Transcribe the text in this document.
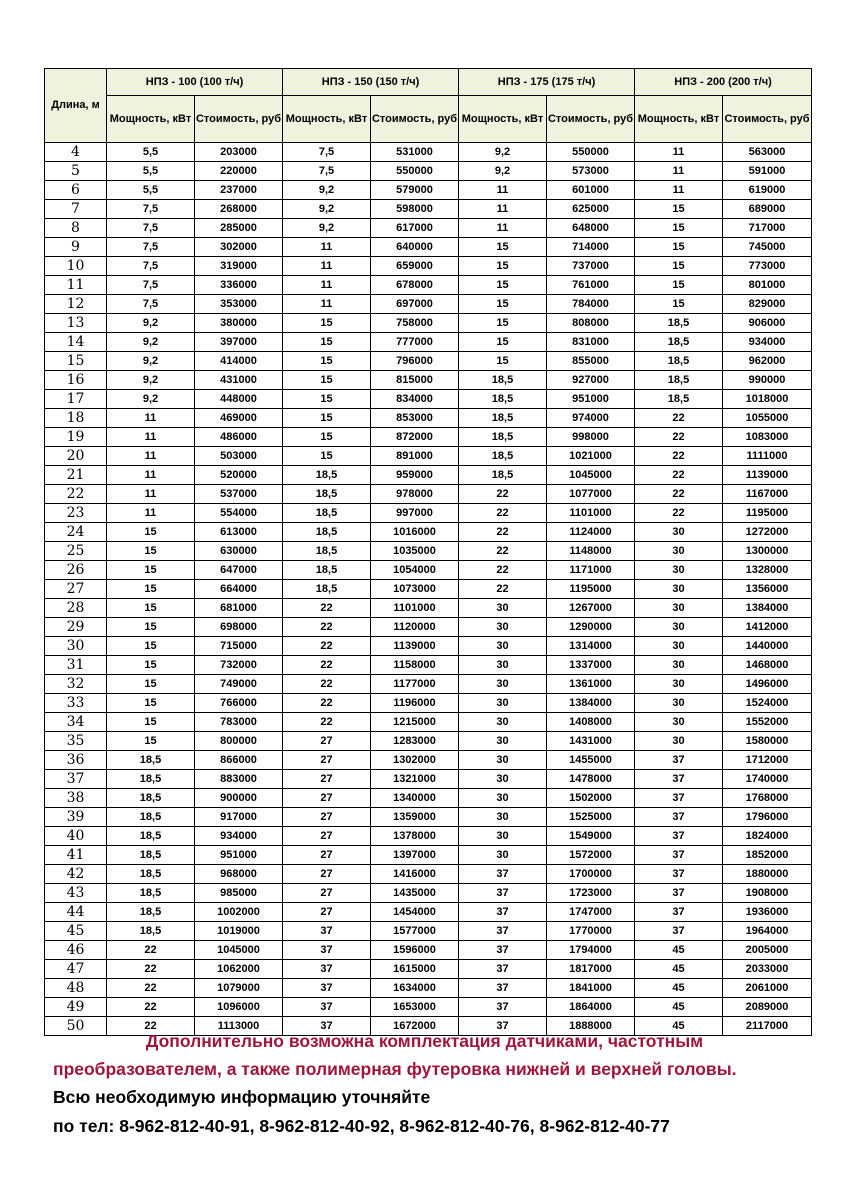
Длина, м	НПЗ - 100 (100 т/ч)		НПЗ - 150 (150 т/ч)		НПЗ - 175 (175 т/ч)		НПЗ - 200 (200 т/ч)	
	Мощность, кВт	Стоимость, руб	Мощность, кВт	Стоимость, руб	Мощность, кВт	Стоимость, руб	Мощность, кВт	Стоимость, руб
4	5,5	203000	7,5	531000	9,2	550000	11	563000
5	5,5	220000	7,5	550000	9,2	573000	11	591000
6	5,5	237000	9,2	579000	11	601000	11	619000
7	7,5	268000	9,2	598000	11	625000	15	689000
8	7,5	285000	9,2	617000	11	648000	15	717000
9	7,5	302000	11	640000	15	714000	15	745000
10	7,5	319000	11	659000	15	737000	15	773000
11	7,5	336000	11	678000	15	761000	15	801000
12	7,5	353000	11	697000	15	784000	15	829000
13	9,2	380000	15	758000	15	808000	18,5	906000
14	9,2	397000	15	777000	15	831000	18,5	934000
15	9,2	414000	15	796000	15	855000	18,5	962000
16	9,2	431000	15	815000	18,5	927000	18,5	990000
17	9,2	448000	15	834000	18,5	951000	18,5	1018000
18	11	469000	15	853000	18,5	974000	22	1055000
19	11	486000	15	872000	18,5	998000	22	1083000
20	11	503000	15	891000	18,5	1021000	22	1111000
21	11	520000	18,5	959000	18,5	1045000	22	1139000
22	11	537000	18,5	978000	22	1077000	22	1167000
23	11	554000	18,5	997000	22	1101000	22	1195000
24	15	613000	18,5	1016000	22	1124000	30	1272000
25	15	630000	18,5	1035000	22	1148000	30	1300000
26	15	647000	18,5	1054000	22	1171000	30	1328000
27	15	664000	18,5	1073000	22	1195000	30	1356000
28	15	681000	22	1101000	30	1267000	30	1384000
29	15	698000	22	1120000	30	1290000	30	1412000
30	15	715000	22	1139000	30	1314000	30	1440000
31	15	732000	22	1158000	30	1337000	30	1468000
32	15	749000	22	1177000	30	1361000	30	1496000
33	15	766000	22	1196000	30	1384000	30	1524000
34	15	783000	22	1215000	30	1408000	30	1552000
35	15	800000	27	1283000	30	1431000	30	1580000
36	18,5	866000	27	1302000	30	1455000	37	1712000
37	18,5	883000	27	1321000	30	1478000	37	1740000
38	18,5	900000	27	1340000	30	1502000	37	1768000
39	18,5	917000	27	1359000	30	1525000	37	1796000
40	18,5	934000	27	1378000	30	1549000	37	1824000
41	18,5	951000	27	1397000	30	1572000	37	1852000
42	18,5	968000	27	1416000	37	1700000	37	1880000
43	18,5	985000	27	1435000	37	1723000	37	1908000
44	18,5	1002000	27	1454000	37	1747000	37	1936000
45	18,5	1019000	37	1577000	37	1770000	37	1964000
46	22	1045000	37	1596000	37	1794000	45	2005000
47	22	1062000	37	1615000	37	1817000	45	2033000
48	22	1079000	37	1634000	37	1841000	45	2061000
49	22	1096000	37	1653000	37	1864000	45	2089000
50	22	1113000	37	1672000	37	1888000	45	2117000

Дополнительно возможна комплектация датчиками, частотным

преобразователем, а также полимерная футеровка нижней и верхней головы.

Всю необходимую информацию уточняйте

по тел: 8-962-812-40-91, 8-962-812-40-92, 8-962-812-40-76, 8-962-812-40-77
